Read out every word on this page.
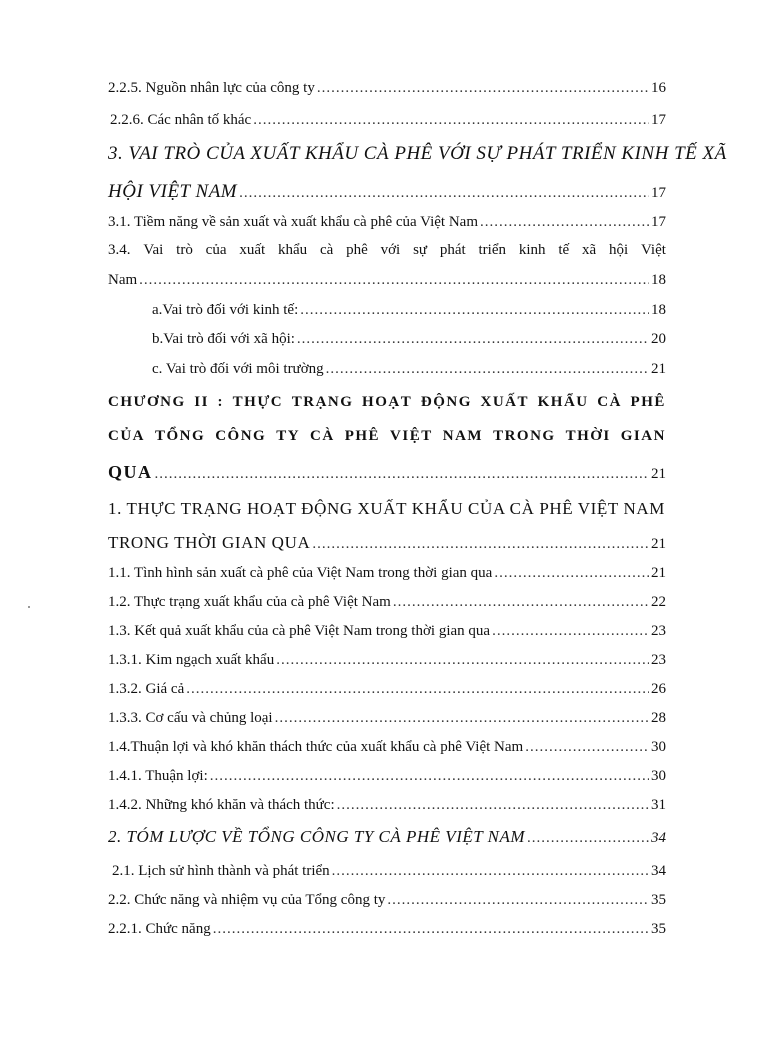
2.2.5. Nguồn nhân lực của công ty .....	16
2.2.6. Các nhân tố khác .....	17
3. VAI TRÒ CỦA XUẤT KHẨU CÀ PHÊ VỚI SỰ PHÁT TRIỂN KINH TẾ XÃ
HỘI VIỆT NAM .....	17
3.1. Tiềm năng về sản xuất và xuất khẩu cà phê của Việt Nam .....	17
3.4. Vai trò của xuất khẩu cà phê với sự phát triển kinh tế xã hội Việt
Nam .....	18
a.Vai trò đối với kinh tế: .....	18
b.Vai trò đối với xã hội: .....	20
c. Vai trò đối với môi trường .....	21
CHƯƠNG II : THỰC TRẠNG HOẠT ĐỘNG XUẤT KHẨU CÀ PHÊ
CỦA TỔNG CÔNG TY CÀ PHÊ VIỆT NAM TRONG THỜI GIAN
QUA .....	21
1. THỰC TRẠNG HOẠT ĐỘNG XUẤT KHẨU CỦA CÀ PHÊ VIỆT NAM
TRONG THỜI GIAN QUA .....	21
1.1. Tình hình sản xuất cà phê của Việt Nam trong thời gian qua .....	21
1.2. Thực trạng xuất khẩu của cà phê Việt Nam .....	22
1.3. Kết quả xuất khẩu của cà phê Việt Nam trong thời gian qua .....	23
1.3.1. Kim ngạch xuất khẩu .....	23
1.3.2. Giá cả .....	26
1.3.3. Cơ cấu và chủng loại .....	28
1.4.Thuận lợi và khó khăn thách thức của xuất khẩu cà phê Việt Nam .....	30
1.4.1. Thuận lợi: .....	30
1.4.2. Những khó khăn và thách thức: .....	31
2. TÓM LƯỢC VỀ TỔNG CÔNG TY CÀ PHÊ VIỆT NAM .....	34
2.1. Lịch sử hình thành và phát triển .....	34
2.2. Chức năng và nhiệm vụ của Tổng công ty .....	35
2.2.1. Chức năng .....	35
